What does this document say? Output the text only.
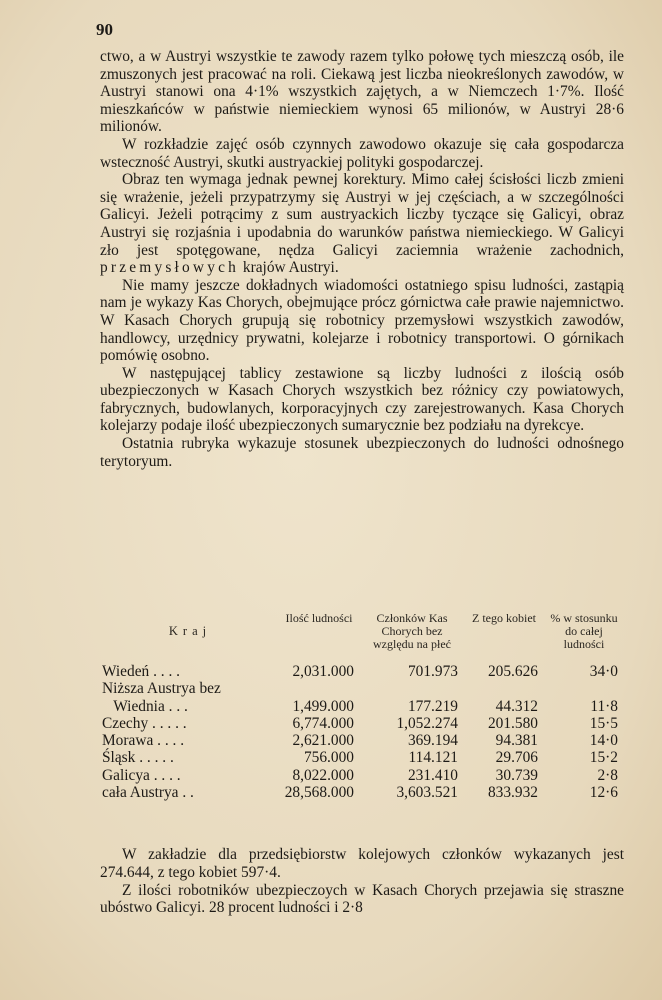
90

ctwo, a w Austryi wszystkie te zawody razem tylko połowę tych mieszczą osób, ile zmuszonych jest pracować na roli. Ciekawą jest liczba nieokreślonych zawodów, w Austryi stanowi ona 4·1% wszystkich zajętych, a w Niemczech 1·7%. Ilość mieszkańców w państwie niemieckiem wynosi 65 milionów, w Austryi 28·6 milionów.

W rozkładzie zajęć osób czynnych zawodowo okazuje się cała gospodarcza wsteczność Austryi, skutki austryackiej polityki gospodarczej.

Obraz ten wymaga jednak pewnej korektury. Mimo całej ścisłości liczb zmieni się wrażenie, jeżeli przypatrzymy się Austryi w jej częściach, a w szczególności Galicyi. Jeżeli potrącimy z sum austryackich liczby tyczące się Galicyi, obraz Austryi się rozjaśnia i upodabnia do warunków państwa niemieckiego. W Galicyi zło jest spotęgowane, nędza Galicyi zaciemnia wrażenie zachodnich, przemysłowych krajów Austryi.

Nie mamy jeszcze dokładnych wiadomości ostatniego spisu ludności, zastąpią nam je wykazy Kas Chorych, obejmujące prócz górnictwa całe prawie najemnictwo. W Kasach Chorych grupują się robotnicy przemysłowi wszystkich zawodów, handlowcy, urzędnicy prywatni, kolejarze i robotnicy transportowi. O górnikach pomówię osobno.

W następującej tablicy zestawione są liczby ludności z ilością osób ubezpieczonych w Kasach Chorych wszystkich bez różnicy czy powiatowych, fabrycznych, budowlanych, korporacyjnych czy zarejestrowanych. Kasa Chorych kolejarzy podaje ilość ubezpieczonych sumarycznie bez podziału na dyrekcye.

Ostatnia rubryka wykazuje stosunek ubezpieczonych do ludności odnośnego terytoryum.

Kraj	Ilość ludności	Członków Kas Chorych bez względu na płeć	Z tego kobiet	% w stosunku do całej ludności
Wiedeń . . . .	2,031.000	701.973	205.626	34·0
Niższa Austrya bez				
Wiednia . . .	1,499.000	177.219	44.312	11·8
Czechy . . . . .	6,774.000	1,052.274	201.580	15·5
Morawa . . . .	2,621.000	369.194	94.381	14·0
Śląsk . . . . .	756.000	114.121	29.706	15·2
Galicya . . . .	8,022.000	231.410	30.739	2·8
cała Austrya . .	28,568.000	3,603.521	833.932	12·6

W zakładzie dla przedsiębiorstw kolejowych członków wykazanych jest 274.644, z tego kobiet 597·4.

Z ilości robotników ubezpieczoych w Kasach Chorych przejawia się straszne ubóstwo Galicyi. 28 procent ludności i 2·8
